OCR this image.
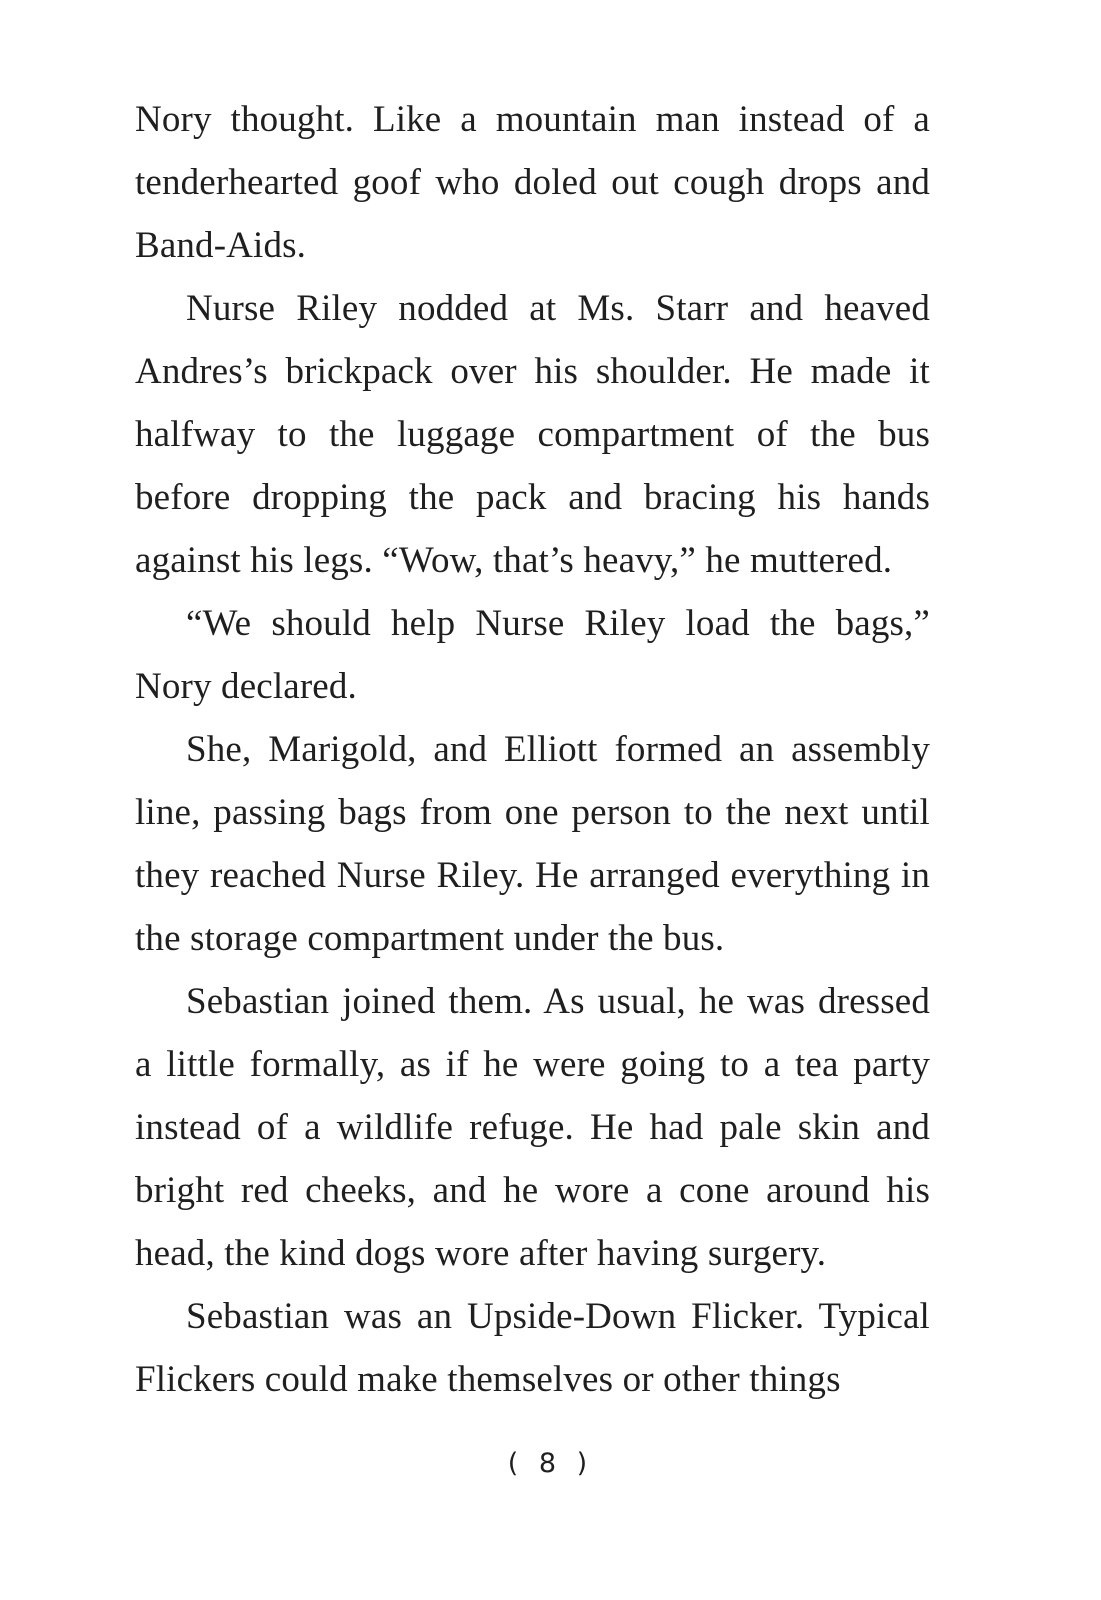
Nory thought. Like a mountain man instead of a tenderhearted goof who doled out cough drops and Band-Aids.

Nurse Riley nodded at Ms. Starr and heaved Andres’s brickpack over his shoulder. He made it halfway to the luggage compartment of the bus before dropping the pack and bracing his hands against his legs. “Wow, that’s heavy,” he muttered.

“We should help Nurse Riley load the bags,” Nory declared.

She, Marigold, and Elliott formed an assembly line, passing bags from one person to the next until they reached Nurse Riley. He arranged everything in the storage compartment under the bus.

Sebastian joined them. As usual, he was dressed a little formally, as if he were going to a tea party instead of a wildlife refuge. He had pale skin and bright red cheeks, and he wore a cone around his head, the kind dogs wore after having surgery.

Sebastian was an Upside-Down Flicker. Typical Flickers could make themselves or other things

( 8 )
